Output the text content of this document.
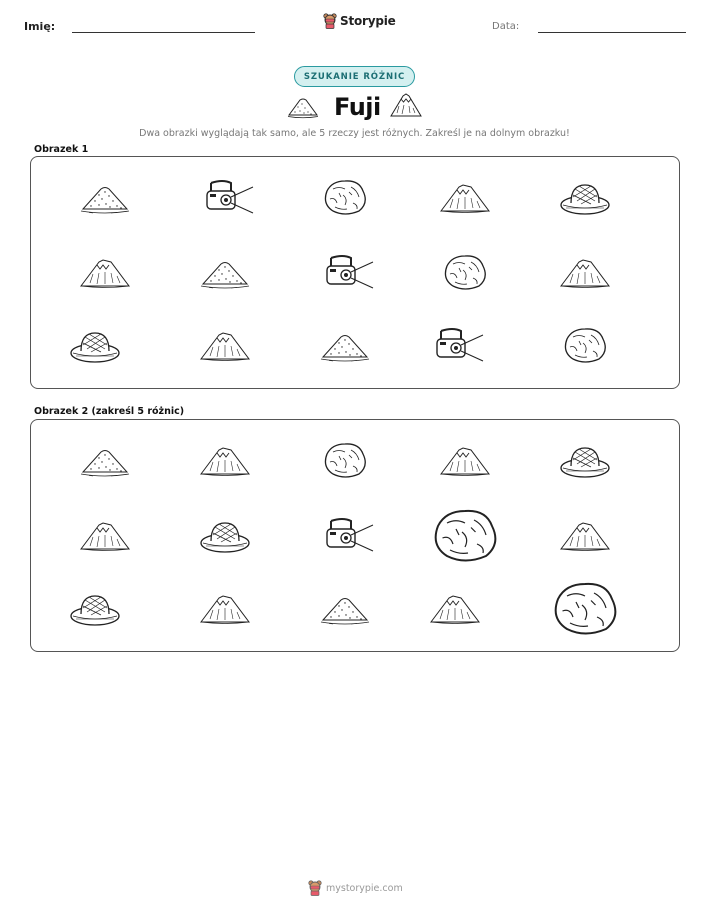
Imię:	Storypie	Data:
SZUKANIE RÓŻNIC
Fuji
Dwa obrazki wyglądają tak samo, ale 5 rzeczy jest różnych. Zakreśl je na dolnym obrazku!
Obrazek 1
Obrazek 2 (zakreśl 5 różnic)
mystorypie.com
